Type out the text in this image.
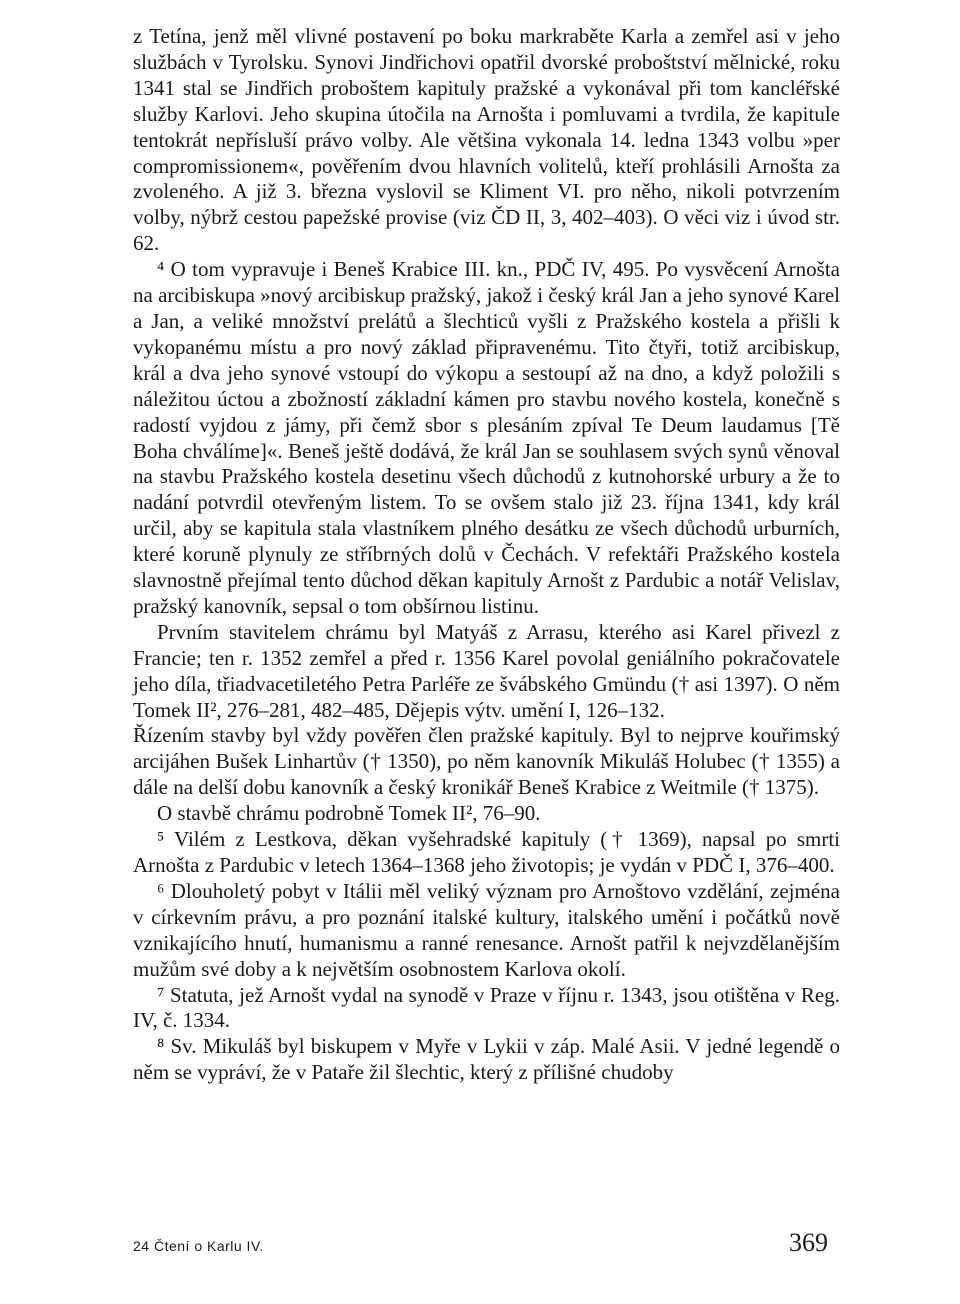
z Tetína, jenž měl vlivné postavení po boku markraběte Karla a zemřel asi v jeho službách v Tyrolsku. Synovi Jindřichovi opatřil dvorské proboštství mělnické, roku 1341 stal se Jindřich proboštem kapituly pražské a vykonával při tom kancléřské služby Karlovi. Jeho skupina útočila na Arnošta i pomluvami a tvrdila, že kapitule tentokrát nepřísluší právo volby. Ale většina vykonala 14. ledna 1343 volbu »per compromissionem«, pověřením dvou hlavních volitelů, kteří prohlásili Arnošta za zvoleného. A již 3. března vyslovil se Kliment VI. pro něho, nikoli potvrzením volby, nýbrž cestou papežské provise (viz ČD II, 3, 402–403). O věci viz i úvod str. 62.

⁴ O tom vypravuje i Beneš Krabice III. kn., PDČ IV, 495. Po vysvěcení Arnošta na arcibiskupa »nový arcibiskup pražský, jakož i český král Jan a jeho synové Karel a Jan, a veliké množství prelátů a šlechticů vyšli z Pražského kostela a přišli k vykopanému místu a pro nový základ připravenému. Tito čtyři, totiž arcibiskup, král a dva jeho synové vstoupí do výkopu a sestoupí až na dno, a když položili s náležitou úctou a zbožností základní kámen pro stavbu nového kostela, konečně s radostí vyjdou z jámy, při čemž sbor s plesáním zpíval Te Deum laudamus [Tě Boha chválíme]«. Beneš ještě dodává, že král Jan se souhlasem svých synů věnoval na stavbu Pražského kostela desetinu všech důchodů z kutnohorské urbury a že to nadání potvrdil otevřeným listem. To se ovšem stalo již 23. října 1341, kdy král určil, aby se kapitula stala vlastníkem plného desátku ze všech důchodů urburních, které koruně plynuly ze stříbrných dolů v Čechách. V refektáři Pražského kostela slavnostně přejímal tento důchod děkan kapituly Arnošt z Pardubic a notář Velislav, pražský kanovník, sepsal o tom obšírnou listinu.

Prvním stavitelem chrámu byl Matyáš z Arrasu, kterého asi Karel přivezl z Francie; ten r. 1352 zemřel a před r. 1356 Karel povolal geniálního pokračovatele jeho díla, třiadvacetiletého Petra Parléře ze švábského Gmündu († asi 1397). O něm Tomek II², 276–281, 482–485, Dějepis výtv. umění I, 126–132.

Řízením stavby byl vždy pověřen člen pražské kapituly. Byl to nejprve kouřimský arcijáhen Bušek Linhartův († 1350), po něm kanovník Mikuláš Holubec († 1355) a dále na delší dobu kanovník a český kronikář Beneš Krabice z Weitmile († 1375).

O stavbě chrámu podrobně Tomek II², 76–90.

⁵ Vilém z Lestkova, děkan vyšehradské kapituly († 1369), napsal po smrti Arnošta z Pardubic v letech 1364–1368 jeho životopis; je vydán v PDČ I, 376–400.

⁶ Dlouholetý pobyt v Itálii měl veliký význam pro Arnoštovo vzdělání, zejména v církevním právu, a pro poznání italské kultury, italského umění i počátků nově vznikajícího hnutí, humanismu a ranné renesance. Arnošt patřil k nejvzdělanějším mužům své doby a k největším osobnostem Karlova okolí.

⁷ Statuta, jež Arnošt vydal na synodě v Praze v říjnu r. 1343, jsou otištěna v Reg. IV, č. 1334.

⁸ Sv. Mikuláš byl biskupem v Myře v Lykii v záp. Malé Asii. V jedné legendě o něm se vypráví, že v Pataře žil šlechtic, který z přílišné chudoby

24 Čtení o Karlu IV.	369
